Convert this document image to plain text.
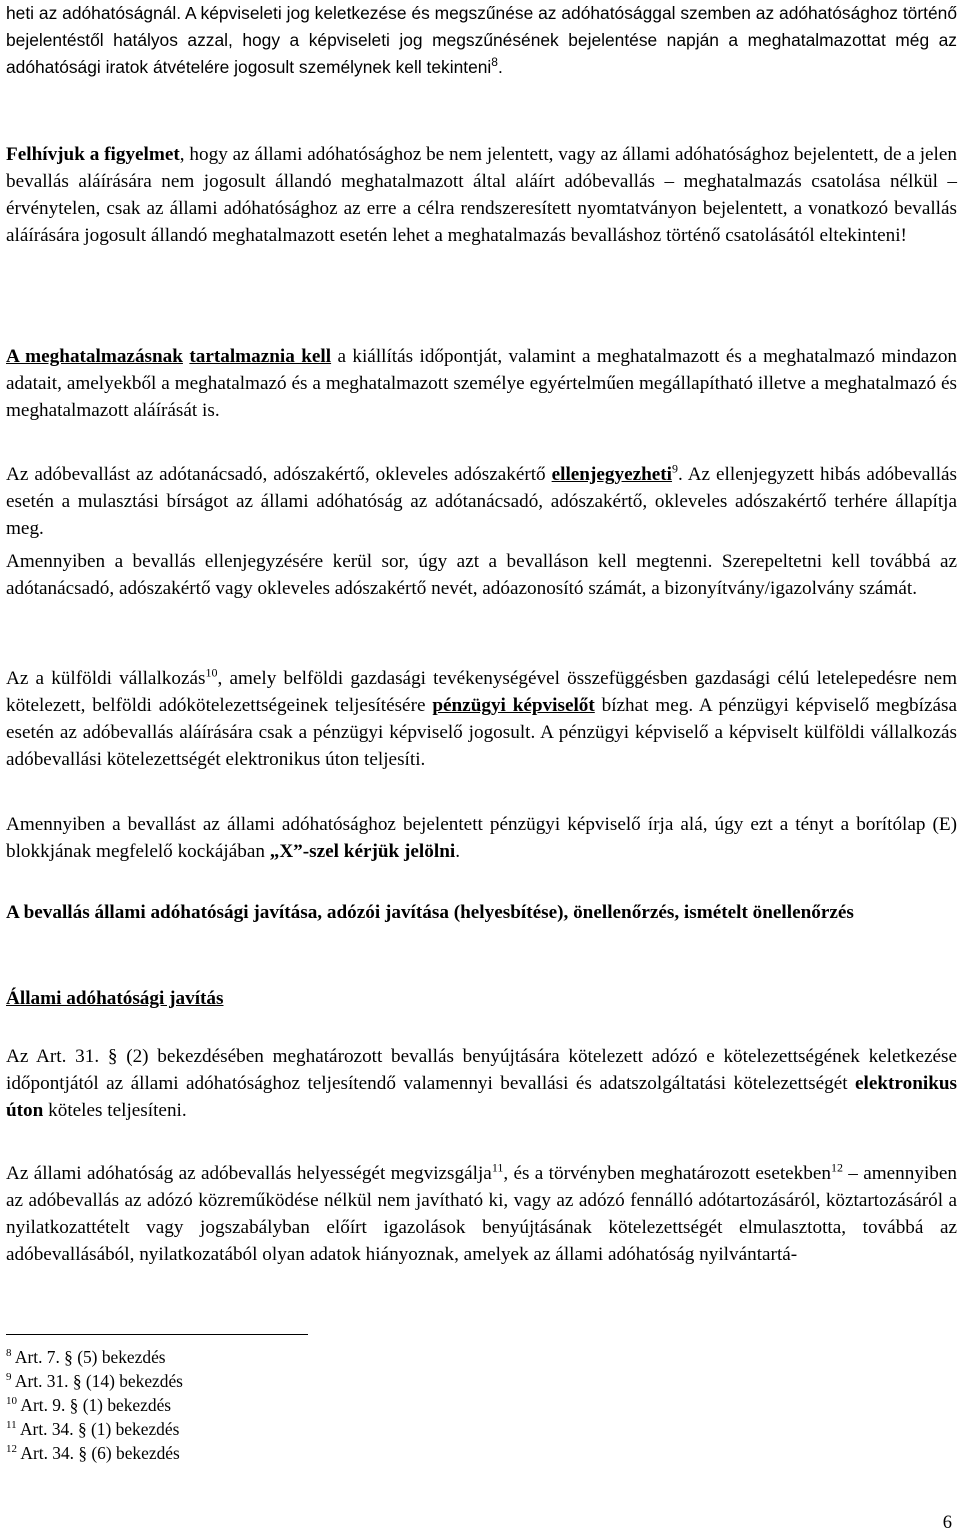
heti az adóhatóságnál. A képviseleti jog keletkezése és megszűnése az adóhatósággal szemben az adóhatósághoz történő bejelentéstől hatályos azzal, hogy a képviseleti jog megszűnésének bejelentése napján a meghatalmazottat még az adóhatósági iratok átvételére jogosult személynek kell tekinteni$^8$.

Felhívjuk a figyelmet, hogy az állami adóhatósághoz be nem jelentett, vagy az állami adóhatósághoz bejelentett, de a jelen bevallás aláírására nem jogosult állandó meghatalmazott által aláírt adóbevallás – meghatalmazás csatolása nélkül – érvénytelen, csak az állami adóhatósághoz az erre a célra rendszeresített nyomtatványon bejelentett, a vonatkozó bevallás aláírására jogosult állandó meghatalmazott esetén lehet a meghatalmazás bevalláshoz történő csatolásától eltekinteni!

A meghatalmazásnak tartalmaznia kell a kiállítás időpontját, valamint a meghatalmazott és a meghatalmazó mindazon adatait, amelyekből a meghatalmazó és a meghatalmazott személye egyértelműen megállapítható illetve a meghatalmazó és meghatalmazott aláírását is.

Az adóbevallást az adótanácsadó, adószakértő, okleveles adószakértő ellenjegyezheti$^9$. Az ellenjegyzett hibás adóbevallás esetén a mulasztási bírságot az állami adóhatóság az adótanácsadó, adószakértő, okleveles adószakértő terhére állapítja meg.

Amennyiben a bevallás ellenjegyzésére kerül sor, úgy azt a bevalláson kell megtenni. Szerepeltetni kell továbbá az adótanácsadó, adószakértő vagy okleveles adószakértő nevét, adóazonosító számát, a bizonyítvány/igazolvány számát.

Az a külföldi vállalkozás$^{10}$, amely belföldi gazdasági tevékenységével összefüggésben gazdasági célú letelepedésre nem kötelezett, belföldi adókötelezettségeinek teljesítésére pénzügyi képviselőt bízhat meg. A pénzügyi képviselő megbízása esetén az adóbevallás aláírására csak a pénzügyi képviselő jogosult. A pénzügyi képviselő a képviselt külföldi vállalkozás adóbevallási kötelezettségét elektronikus úton teljesíti.

Amennyiben a bevallást az állami adóhatósághoz bejelentett pénzügyi képviselő írja alá, úgy ezt a tényt a borítólap (E) blokkjának megfelelő kockájában „X”-szel kérjük jelölni.

A bevallás állami adóhatósági javítása, adózói javítása (helyesbítése), önellenőrzés, ismételt önellenőrzés

Állami adóhatósági javítás

Az Art. 31. § (2) bekezdésében meghatározott bevallás benyújtására kötelezett adózó e kötelezettségének keletkezése időpontjától az állami adóhatósághoz teljesítendő valamennyi bevallási és adatszolgáltatási kötelezettségét elektronikus úton köteles teljesíteni.

Az állami adóhatóság az adóbevallás helyességét megvizsgálja$^{11}$, és a törvényben meghatározott esetekben$^{12}$ – amennyiben az adóbevallás az adózó közreműködése nélkül nem javítható ki, vagy az adózó fennálló adótartozásáról, köztartozásáról a nyilatkozattételt vagy jogszabályban előírt igazolások benyújtásának kötelezettségét elmulasztotta, továbbá az adóbevallásából, nyilatkozatából olyan adatok hiányoznak, amelyek az állami adóhatóság nyilvántartá-

$^8$ Art. 7. § (5) bekezdés

$^9$ Art. 31. § (14) bekezdés

$^{10}$ Art. 9. § (1) bekezdés

$^{11}$ Art. 34. § (1) bekezdés

$^{12}$ Art. 34. § (6) bekezdés

6
